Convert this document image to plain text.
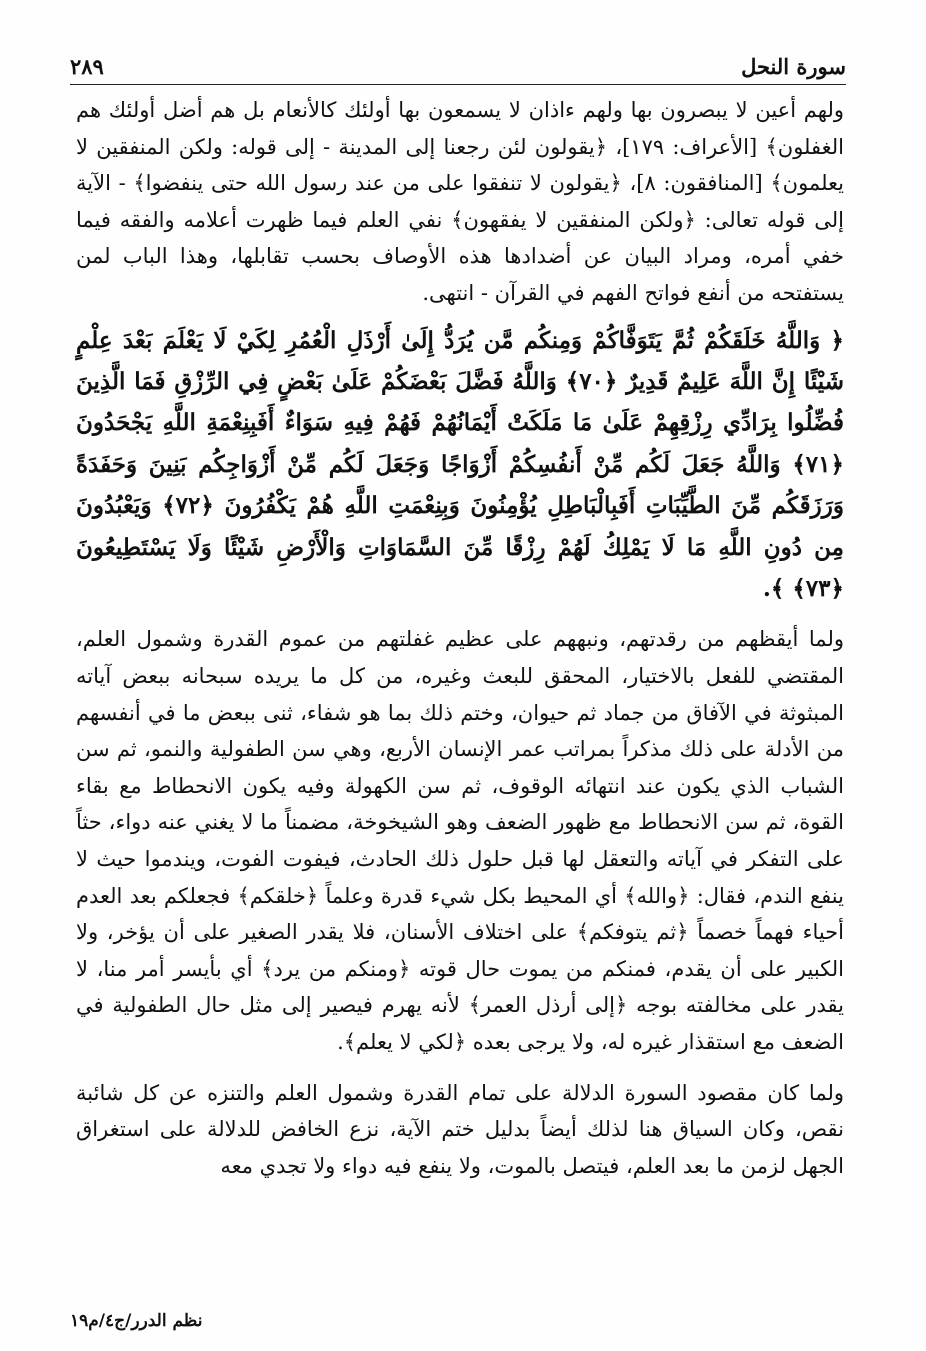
سورة النحل
٢٨٩

ولهم أعين لا يبصرون بها ولهم ءاذان لا يسمعون بها أولئك كالأنعام بل هم أضل أولئك هم الغفلون﴾ [الأعراف: ١٧٩]، ﴿يقولون لئن رجعنا إلى المدينة - إلى قوله: ولكن المنفقين لا يعلمون﴾ [المنافقون: ٨]، ﴿يقولون لا تنفقوا على من عند رسول الله حتى ينفضوا﴾ - الآية إلى قوله تعالى: ﴿ولكن المنفقين لا يفقهون﴾ نفي العلم فيما ظهرت أعلامه والفقه فيما خفي أمره، ومراد البيان عن أضدادها هذه الأوصاف بحسب تقابلها، وهذا الباب لمن يستفتحه من أنفع فواتح الفهم في القرآن - انتهى.

﴿ وَاللَّهُ خَلَقَكُمْ ثُمَّ يَتَوَفَّاكُمْ وَمِنكُم مَّن يُرَدُّ إِلَىٰ أَرْذَلِ الْعُمُرِ لِكَيْ لَا يَعْلَمَ بَعْدَ عِلْمٍ شَيْئًا إِنَّ اللَّهَ عَلِيمٌ قَدِيرٌ ﴿٧٠﴾ وَاللَّهُ فَضَّلَ بَعْضَكُمْ عَلَىٰ بَعْضٍ فِي الرِّزْقِ فَمَا الَّذِينَ فُضِّلُوا بِرَادِّي رِزْقِهِمْ عَلَىٰ مَا مَلَكَتْ أَيْمَانُهُمْ فَهُمْ فِيهِ سَوَاءٌ أَفَبِنِعْمَةِ اللَّهِ يَجْحَدُونَ ﴿٧١﴾ وَاللَّهُ جَعَلَ لَكُم مِّنْ أَنفُسِكُمْ أَزْوَاجًا وَجَعَلَ لَكُم مِّنْ أَزْوَاجِكُم بَنِينَ وَحَفَدَةً وَرَزَقَكُم مِّنَ الطَّيِّبَاتِ أَفَبِالْبَاطِلِ يُؤْمِنُونَ وَبِنِعْمَتِ اللَّهِ هُمْ يَكْفُرُونَ ﴿٧٢﴾ وَيَعْبُدُونَ مِن دُونِ اللَّهِ مَا لَا يَمْلِكُ لَهُمْ رِزْقًا مِّنَ السَّمَاوَاتِ وَالْأَرْضِ شَيْئًا وَلَا يَسْتَطِيعُونَ ﴿٧٣﴾ ﴾.

ولما أيقظهم من رقدتهم، ونبههم على عظيم غفلتهم من عموم القدرة وشمول العلم، المقتضي للفعل بالاختيار، المحقق للبعث وغيره، من كل ما يريده سبحانه ببعض آياته المبثوثة في الآفاق من جماد ثم حيوان، وختم ذلك بما هو شفاء، ثنى ببعض ما في أنفسهم من الأدلة على ذلك مذكراً بمراتب عمر الإنسان الأربع، وهي سن الطفولية والنمو، ثم سن الشباب الذي يكون عند انتهائه الوقوف، ثم سن الكهولة وفيه يكون الانحطاط مع بقاء القوة، ثم سن الانحطاط مع ظهور الضعف وهو الشيخوخة، مضمناً ما لا يغني عنه دواء، حثاً على التفكر في آياته والتعقل لها قبل حلول ذلك الحادث، فيفوت الفوت، ويندموا حيث لا ينفع الندم، فقال: ﴿والله﴾ أي المحيط بكل شيء قدرة وعلماً ﴿خلقكم﴾ فجعلكم بعد العدم أحياء فهماً خصماً ﴿ثم يتوفكم﴾ على اختلاف الأسنان، فلا يقدر الصغير على أن يؤخر، ولا الكبير على أن يقدم، فمنكم من يموت حال قوته ﴿ومنكم من يرد﴾ أي بأيسر أمر منا، لا يقدر على مخالفته بوجه ﴿إلى أرذل العمر﴾ لأنه يهرم فيصير إلى مثل حال الطفولية في الضعف مع استقذار غيره له، ولا يرجى بعده ﴿لكي لا يعلم﴾.

ولما كان مقصود السورة الدلالة على تمام القدرة وشمول العلم والتنزه عن كل شائبة نقص، وكان السياق هنا لذلك أيضاً بدليل ختم الآية، نزع الخافض للدلالة على استغراق الجهل لزمن ما بعد العلم، فيتصل بالموت، ولا ينفع فيه دواء ولا تجدي معه

نظم الدرر/ج٤/م١٩
